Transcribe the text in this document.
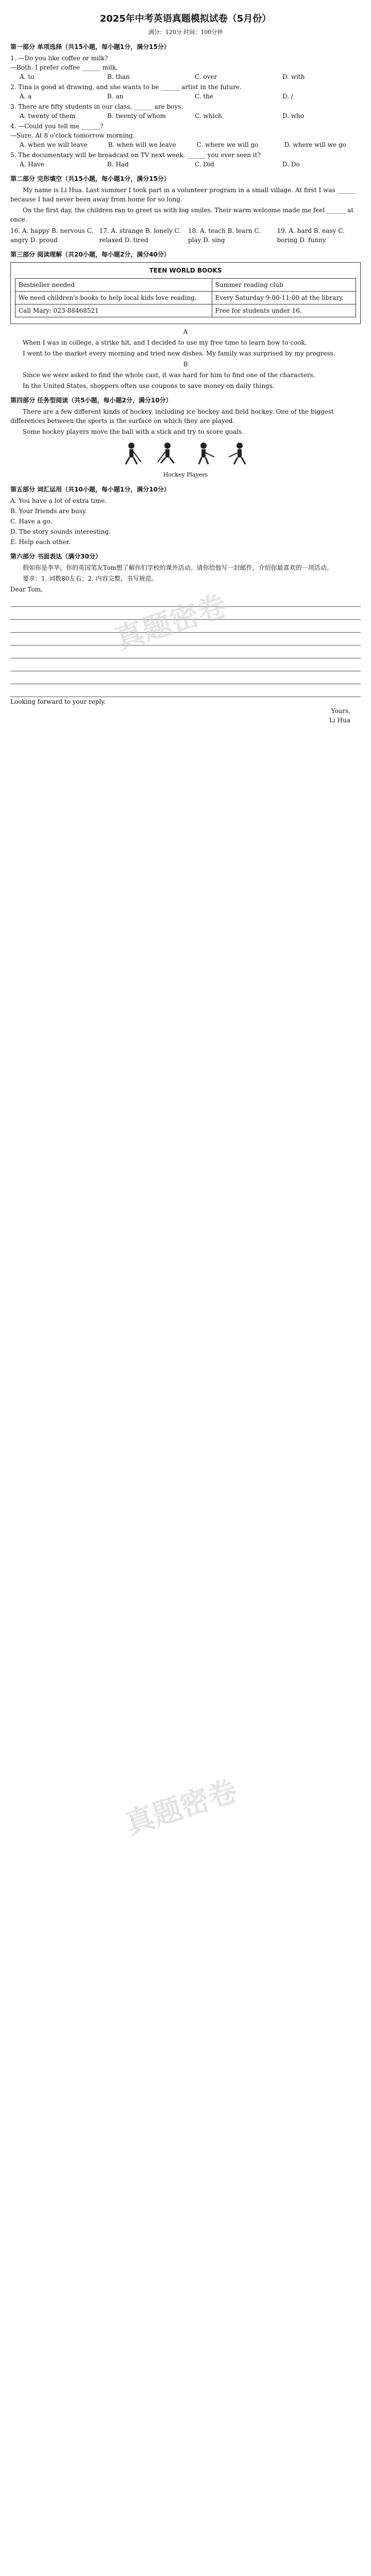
真题密卷
真题密卷
2025年中考英语真题模拟试卷（5月份）
满分：120分 时间：100分钟
第一部分 单项选择（共15小题，每小题1分，满分15分）
1. —Do you like coffee or milk?
—Both. I prefer coffee ______ milk.
A. to	B. than	C. over	D. with
2. Tina is good at drawing, and she wants to be ______ artist in the future.
A. a	B. an	C. the	D. /
3. There are fifty students in our class, ______ are boys.
A. twenty of them	B. twenty of whom	C. which	D. who
4. —Could you tell me ______?
—Sure. At 8 o'clock tomorrow morning.
A. when we will leave	B. when will we leave	C. where we will go	D. where will we go
5. The documentary will be broadcast on TV next week. ______ you ever seen it?
A. Have	B. Had	C. Did	D. Do
第二部分 完形填空（共15小题，每小题1分，满分15分）

My name is Li Hua. Last summer I took part in a volunteer program in a small village. At first I was ______ because I had never been away from home for so long.

On the first day, the children ran to greet us with big smiles. Their warm welcome made me feel ______ at once.

16. A. happy B. nervous C. angry D. proud
17. A. strange B. lonely C. relaxed D. tired
18. A. teach B. learn C. play D. sing
19. A. hard B. easy C. boring D. funny
第三部分 阅读理解（共20小题，每小题2分，满分40分）
TEEN WORLD BOOKS
Bestseller needed	Summer reading club
We need children's books to help local kids love reading.	Every Saturday 9:00-11:00 at the library.
Call Mary: 023-88468521	Free for students under 16.
A

When I was in college, a strike hit, and I decided to use my free time to learn how to cook.

I went to the market every morning and tried new dishes. My family was surprised by my progress.

B

Since we were asked to find the whole cast, it was hard for him to find one of the characters.

In the United States, shoppers often use coupons to save money on daily things.

第四部分 任务型阅读（共5小题，每小题2分，满分10分）

There are a few different kinds of hockey, including ice hockey and field hockey. One of the biggest differences between the sports is the surface on which they are played.

Some hockey players move the ball with a stick and try to score goals.

Hockey Players
第五部分 词汇运用（共10小题，每小题1分，满分10分）
A. You have a lot of extra time.
B. Your friends are busy.
C. Have a go.
D. The story sounds interesting.
E. Help each other.
第六部分 书面表达（满分30分）
假如你是李华，你的英国笔友Tom想了解你们学校的课外活动。请你给他写一封邮件，介绍你最喜欢的一项活动。
要求：1. 词数80左右；2. 内容完整，书写规范。
Dear Tom,
Looking forward to your reply.
Yours,
Li Hua
